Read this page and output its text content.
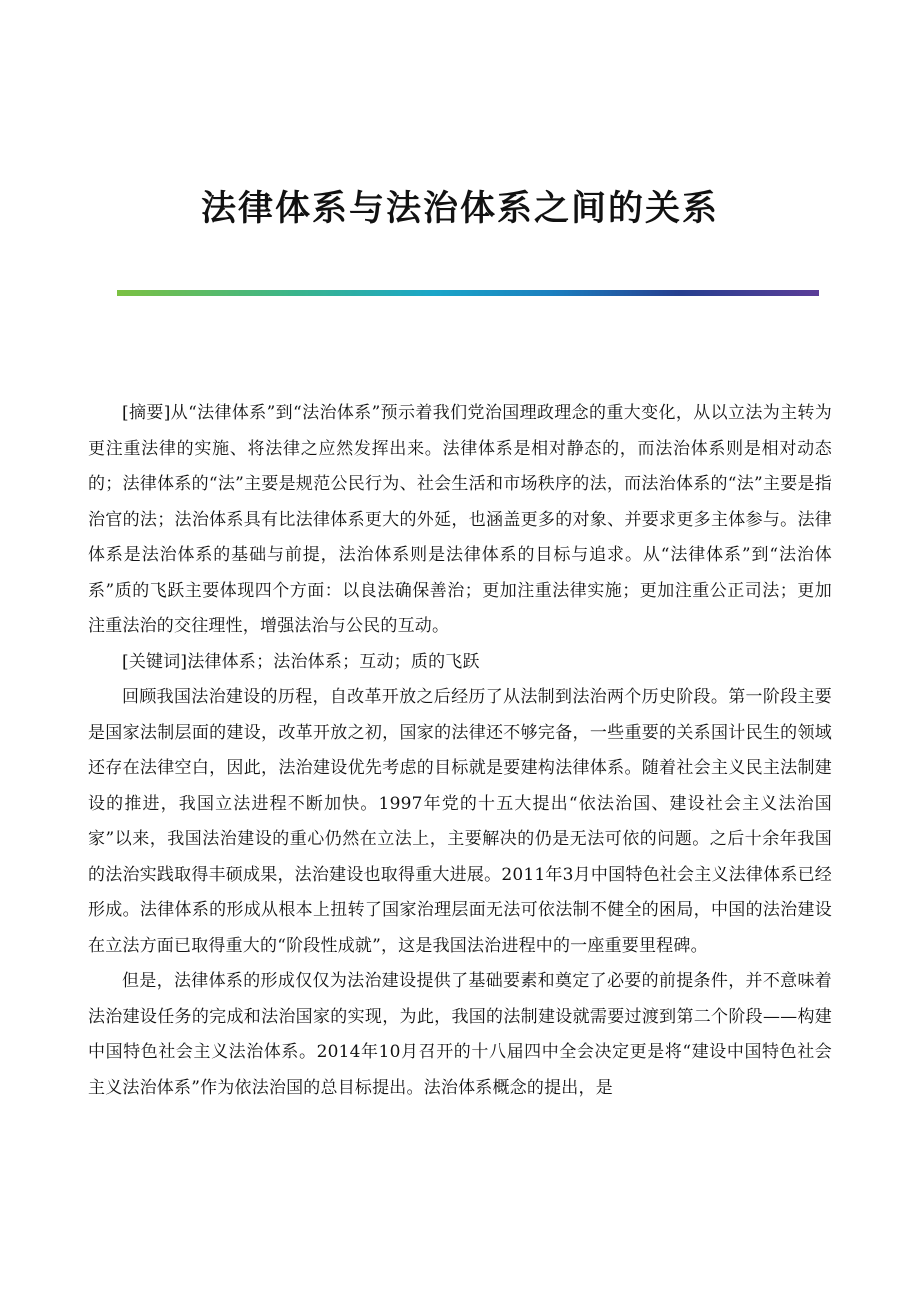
法律体系与法治体系之间的关系

[摘要]从“法律体系”到“法治体系”预示着我们党治国理政理念的重大变化，从以立法为主转为更注重法律的实施、将法律之应然发挥出来。法律体系是相对静态的，而法治体系则是相对动态的；法律体系的“法”主要是规范公民行为、社会生活和市场秩序的法，而法治体系的“法”主要是指治官的法；法治体系具有比法律体系更大的外延，也涵盖更多的对象、并要求更多主体参与。法律体系是法治体系的基础与前提，法治体系则是法律体系的目标与追求。从“法律体系”到“法治体系”质的飞跃主要体现四个方面：以良法确保善治；更加注重法律实施；更加注重公正司法；更加注重法治的交往理性，增强法治与公民的互动。

[关键词]法律体系；法治体系；互动；质的飞跃

回顾我国法治建设的历程，自改革开放之后经历了从法制到法治两个历史阶段。第一阶段主要是国家法制层面的建设，改革开放之初，国家的法律还不够完备，一些重要的关系国计民生的领域还存在法律空白，因此，法治建设优先考虑的目标就是要建构法律体系。随着社会主义民主法制建设的推进，我国立法进程不断加快。1997年党的十五大提出“依法治国、建设社会主义法治国家”以来，我国法治建设的重心仍然在立法上，主要解决的仍是无法可依的问题。之后十余年我国的法治实践取得丰硕成果，法治建设也取得重大进展。2011年3月中国特色社会主义法律体系已经形成。法律体系的形成从根本上扭转了国家治理层面无法可依法制不健全的困局，中国的法治建设在立法方面已取得重大的“阶段性成就”，这是我国法治进程中的一座重要里程碑。

但是，法律体系的形成仅仅为法治建设提供了基础要素和奠定了必要的前提条件，并不意味着法治建设任务的完成和法治国家的实现，为此，我国的法制建设就需要过渡到第二个阶段——构建中国特色社会主义法治体系。2014年10月召开的十八届四中全会决定更是将“建设中国特色社会主义法治体系”作为依法治国的总目标提出。法治体系概念的提出，是
